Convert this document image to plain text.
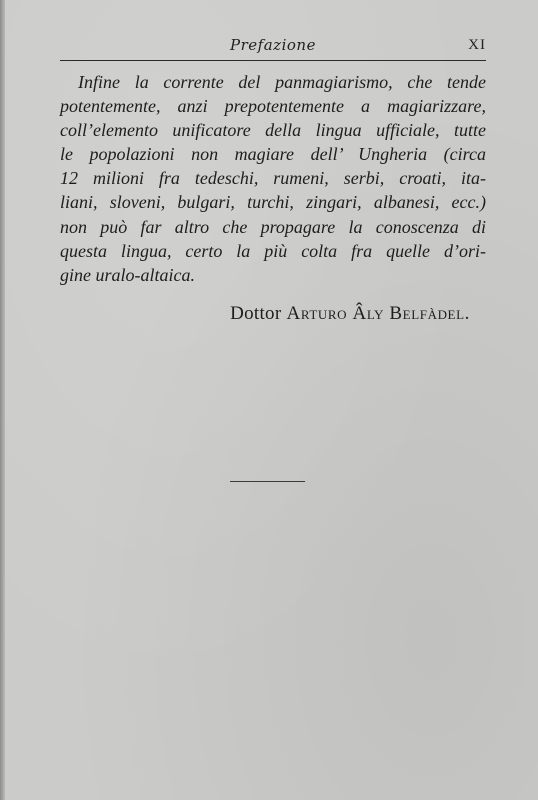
Prefazione	XI
Infine la corrente del panmagiarismo, che tende
potentemente, anzi prepotentemente a magiarizzare,
coll’elemento unificatore della lingua ufficiale, tutte
le popolazioni non magiare dell’ Ungheria (circa
12 milioni fra tedeschi, rumeni, serbi, croati, ita-
liani, sloveni, bulgari, turchi, zingari, albanesi, ecc.)
non può far altro che propagare la conoscenza di
questa lingua, certo la più colta fra quelle d’ori-
gine uralo-altaica.
Dottor Arturo Âly Belfàdel.
